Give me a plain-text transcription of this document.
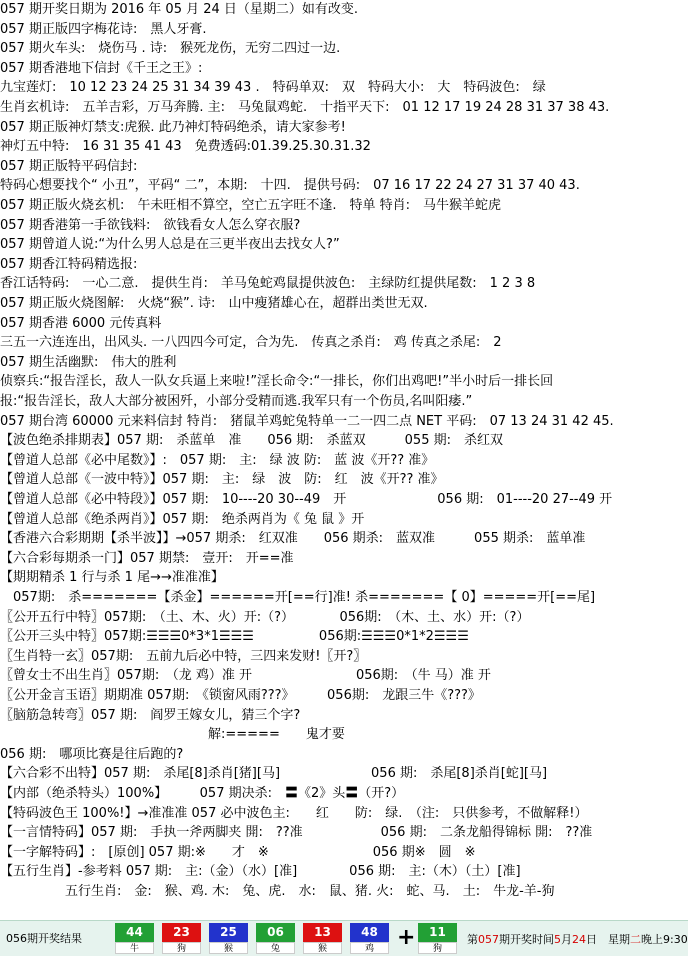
057 期开奖日期为 2016 年 05 月 24 日（星期二）如有改变.
057 期正版四字梅花诗:　黑人牙膏.
057 期火车头:　烧伤马 . 诗:　猴死龙伤，无穷二四过一边.
057 期香港地下信封《千王之王》:
九宝莲灯:　10 12 23 24 25 31 34 39 43 .　特码单双:　双　特码大小:　大　特码波色:　绿
生肖玄机诗:　五羊吉彩，万马奔腾. 主:　马兔鼠鸡蛇.　十指平天下:　01 12 17 19 24 28 31 37 38 43.
057 期正版神灯禁支:虎猴. 此乃神灯特码绝杀，请大家参考!
神灯五中特:　16 31 35 41 43　免费透码:01.39.25.30.31.32
057 期正版特平码信封:
特码心想要找个“ 小丑”，平码“ 二”，本期:　十四.　提供号码:　07 16 17 22 24 27 31 37 40 43.
057 期正版火烧玄机:　午未旺相不算空，空亡五字旺不逢.　特单 特肖:　马牛猴羊蛇虎
057 期香港第一手欲钱料:　欲钱看女人怎么穿衣服?
057 期曾道人说:“为什么男人总是在三更半夜出去找女人?”
057 期香江特码精选报:
香江话特码:　一心二意.　提供生肖:　羊马兔蛇鸡鼠提供波色:　主绿防红提供尾数:　1 2 3 8
057 期正版火烧图解:　火烧“猴”. 诗:　山中瘦猪雄心在，超群出类世无双.
057 期香港 6000 元传真料
三五一六连连出，出风头. 一八四四今可定，合为先.　传真之杀肖:　鸡 传真之杀尾:　2
057 期生活幽默:　伟大的胜利
侦察兵:“报告淫长，敌人一队女兵逼上来啦!”淫长命令:“一排长，你们出鸡吧!”半小时后一排长回
报:“报告淫长，敌人大部分被困歼，小部分受精而逃.我军只有一个伤员,名叫阳痿.”
057 期台湾 60000 元来料信封 特肖:　猪鼠羊鸡蛇兔特单一二一四二点 NET 平码:　07 13 24 31 42 45.
【波色绝杀排期表】057 期:　杀蓝单　准　　056 期:　杀蓝双　　　055 期:　杀红双
【曾道人总部《必中尾数》】:　057 期:　主:　绿 波 防:　蓝 波《开?? 准》
【曾道人总部《一波中特》】057 期:　主:　绿　波　防:　红　波《开?? 准》
【曾道人总部《必中特段》】057 期:　10----20 30--49　开　　　　　　　056 期:　01----20 27--49 开
【曾道人总部《绝杀两肖》】057 期:　绝杀两肖为《 兔 鼠 》开
【香港六合彩期期【杀半波】】→057 期杀:　红双准　　056 期杀:　蓝双准　　　055 期杀:　蓝单准
【六合彩每期杀一门】057 期禁:　壹开:　开==准
【期期精杀 1 行与杀 1 尾→→准准准】
　057期:　杀=======【杀金】======开[==行]准! 杀=======【 0】=====开[==尾]
〖公开五行中特〗057期:　（土、木、火）开:（?）　　　　056期:　（木、土、水）开:（?）
〖公开三头中特〗057期:☰☰☰0*3*1☰☰☰　　　　　056期:☰☰☰0*1*2☰☰☰
〖生肖特一玄〗057期:　五前九后必中特，三四来发财!〖开?〗
〖曾女士不出生肖〗057期:　（龙 鸡）准 开　　　　　　　　056期:　（牛 马）准 开
〖公开金言玉语〗期期准 057期:　《锁窗风雨???》　　　056期:　龙跟三牛《???》
〖脑筋急转弯〗057 期:　阎罗王嫁女儿，猜三个字?
　　　　　　　　　　　　　　　　解:=====　　鬼才要
056 期:　哪项比赛是往后跑的?
【六合彩不出特】057 期:　杀尾[8]杀肖[猪][马]　　　　　　　056 期:　杀尾[8]杀肖[蛇][马]
【内部（绝杀特头）100%】　　　057 期决杀:　〓《2》头〓（开?）
【特码波色王 100%!】→准准准 057 必中波色主:　　红　　防:　绿.　（注:　只供参考，不做解释!）
【一言情特码】057 期:　手执一斧两脚夹 開:　??准　　　　　　056 期:　二条龙船得锦标 開:　??准
【一字解特码】:　[原创] 057 期:※　　才　※　　　　　　　　056 期※　圆　※
【五行生肖】-参考料 057 期:　主:（金）（水）[准]　　　　056 期:　主:（木）（土）[准]
　　　　　五行生肖:　金:　猴、鸡. 木:　兔、虎.　水:　鼠、猪. 火:　蛇、马.　土:　牛龙-羊-狗
056期开奖结果	44
牛
23
狗
25
猴
06
兔
13
猴
48
鸡	+	11
狗
第057期开奖时间5月24日　星期二晚上9:30
